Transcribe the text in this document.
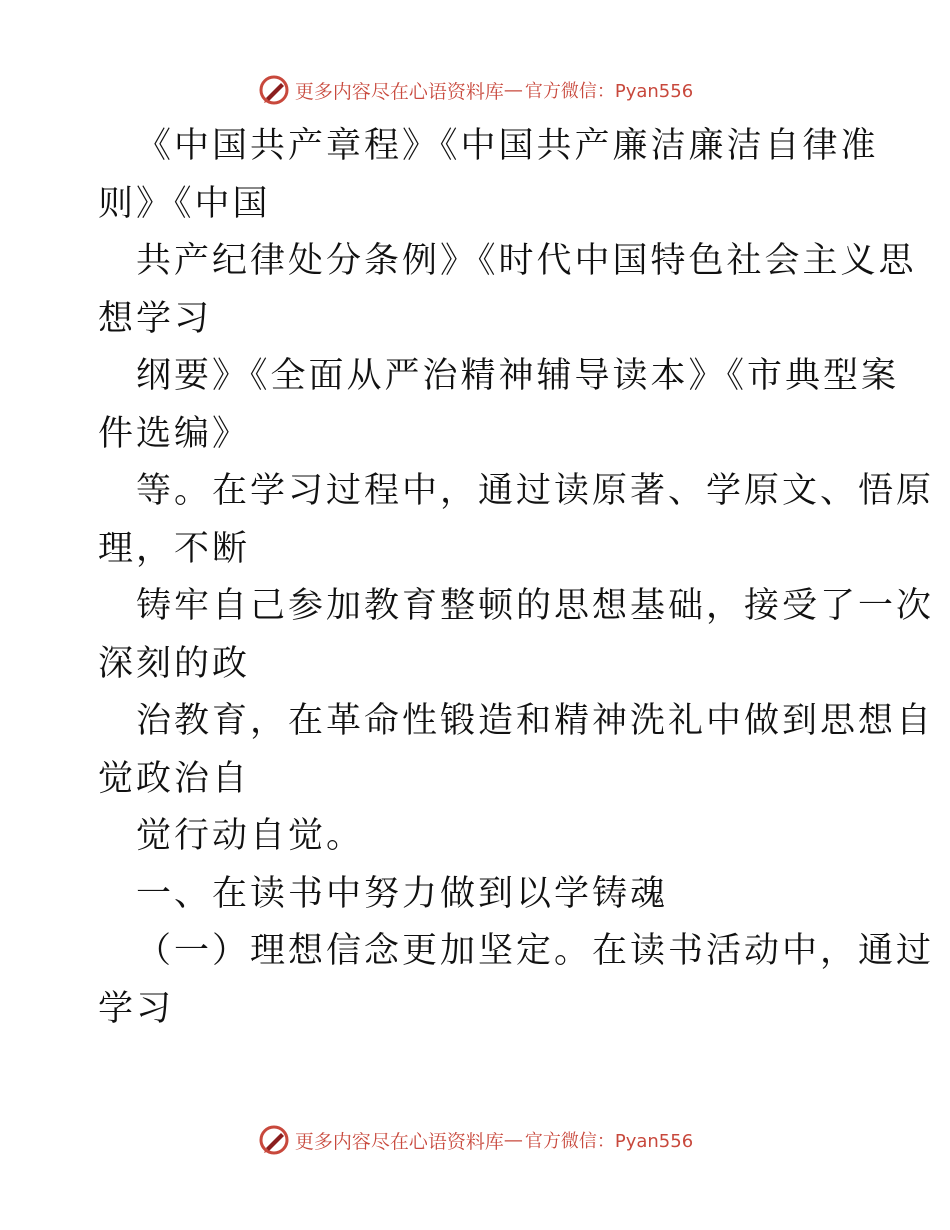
更多内容尽在心语资料库 — 官方微信：Pyan556
《中国共产章程》《中国共产廉洁廉洁自律准
则》《中国
共产纪律处分条例》《时代中国特色社会主义思
想学习
纲要》《全面从严治精神辅导读本》《市典型案
件选编》
等。在学习过程中，通过读原著、学原文、悟原
理，不断
铸牢自己参加教育整顿的思想基础，接受了一次
深刻的政
治教育，在革命性锻造和精神洗礼中做到思想自
觉政治自
觉行动自觉。
一、在读书中努力做到以学铸魂
（一）理想信念更加坚定。在读书活动中，通过
学习
更多内容尽在心语资料库 — 官方微信：Pyan556
